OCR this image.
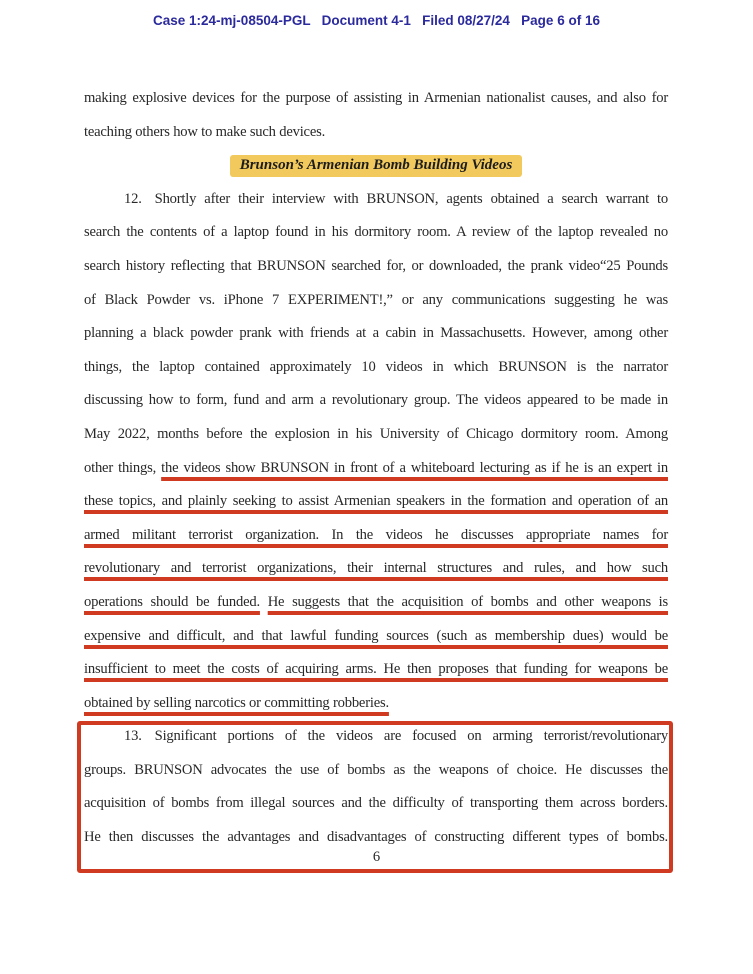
Case 1:24-mj-08504-PGL   Document 4-1   Filed 08/27/24   Page 6 of 16
making explosive devices for the purpose of assisting in Armenian nationalist causes, and also for
teaching others how to make such devices.
Brunson’s Armenian Bomb Building Videos
12. Shortly after their interview with BRUNSON, agents obtained a search warrant to
search the contents of a laptop found in his dormitory room. A review of the laptop revealed no
search history reflecting that BRUNSON searched for, or downloaded, the prank video“25 Pounds
of Black Powder vs. iPhone 7 EXPERIMENT!,” or any communications suggesting he was
planning a black powder prank with friends at a cabin in Massachusetts. However, among other
things, the laptop contained approximately 10 videos in which BRUNSON is the narrator
discussing how to form, fund and arm a revolutionary group. The videos appeared to be made in
May 2022, months before the explosion in his University of Chicago dormitory room. Among
other things, the videos show BRUNSON in front of a whiteboard lecturing as if he is an expert in
these topics, and plainly seeking to assist Armenian speakers in the formation and operation of an
armed militant terrorist organization. In the videos he discusses appropriate names for
revolutionary and terrorist organizations, their internal structures and rules, and how such
operations should be funded. He suggests that the acquisition of bombs and other weapons is
expensive and difficult, and that lawful funding sources (such as membership dues) would be
insufficient to meet the costs of acquiring arms. He then proposes that funding for weapons be
obtained by selling narcotics or committing robberies.
13. Significant portions of the videos are focused on arming terrorist/revolutionary
groups. BRUNSON advocates the use of bombs as the weapons of choice. He discusses the
acquisition of bombs from illegal sources and the difficulty of transporting them across borders.
He then discusses the advantages and disadvantages of constructing different types of bombs.
6
